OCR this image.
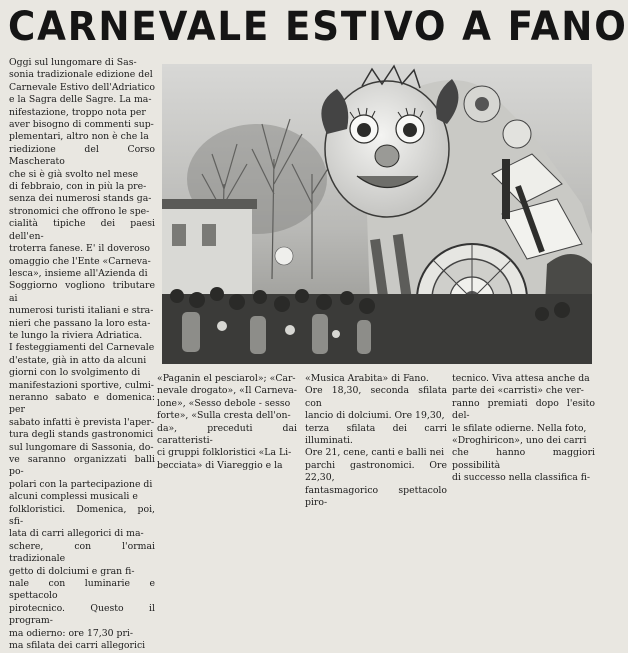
CARNEVALE ESTIVO A FANO
Oggi sul lungomare di Sas-
sonia tradizionale edizione del
Carnevale Estivo dell'Adriatico
e la Sagra delle Sagre. La ma-
nifestazione, troppo nota per
aver bisogno di commenti sup-
plementari, altro non è che la
riedizione del Corso Mascherato
che si è già svolto nel mese
di febbraio, con in più la pre-
senza dei numerosi stands ga-
stronomici che offrono le spe-
cialità tipiche dei paesi dell'en-
troterra fanese. E' il doveroso
omaggio che l'Ente «Carneva-
lesca», insieme all'Azienda di
Soggiorno vogliono tributare ai
numerosi turisti italiani e stra-
nieri che passano la loro esta-
te lungo la riviera Adriatica.
I festeggiamenti del Carnevale
d'estate, già in atto da alcuni
giorni con lo svolgimento di
manifestazioni sportive, culmi-
neranno sabato e domenica: per
sabato infatti è prevista l'aper-
tura degli stands gastronomici
sul lungomare di Sassonia, do-
ve saranno organizzati balli po-
polari con la partecipazione di
alcuni complessi musicali e
folkloristici. Domenica, poi, sfi-
lata di carri allegorici di ma-
schere, con l'ormai tradizionale
getto di dolciumi e gran fi-
nale con luminarie e spettacolo
pirotecnico. Questo il program-
ma odierno: ore 17,30 pri-
ma sfilata dei carri allegorici
«Paganin el pesciarol»; «Car-
nevale drogato», «Il Carneva-
lone», «Sesso debole - sesso
forte», «Sulla cresta dell'on-
da», preceduti dai caratteristi-
ci gruppi folkloristici «La Li-
becciata» di Viareggio e la
«Musica Arabita» di Fano.
Ore 18,30, seconda sfilata con
lancio di dolciumi. Ore 19,30,
terza sfilata dei carri illuminati.
Ore 21, cene, canti e balli nei
parchi gastronomici. Ore 22,30,
fantasmagorico spettacolo piro-
tecnico. Viva attesa anche da
parte dei «carristi» che ver-
ranno premiati dopo l'esito del-
le sfilate odierne. Nella foto,
«Droghiricon», uno dei carri
che hanno maggiori possibilità
di successo nella classifica fi-
